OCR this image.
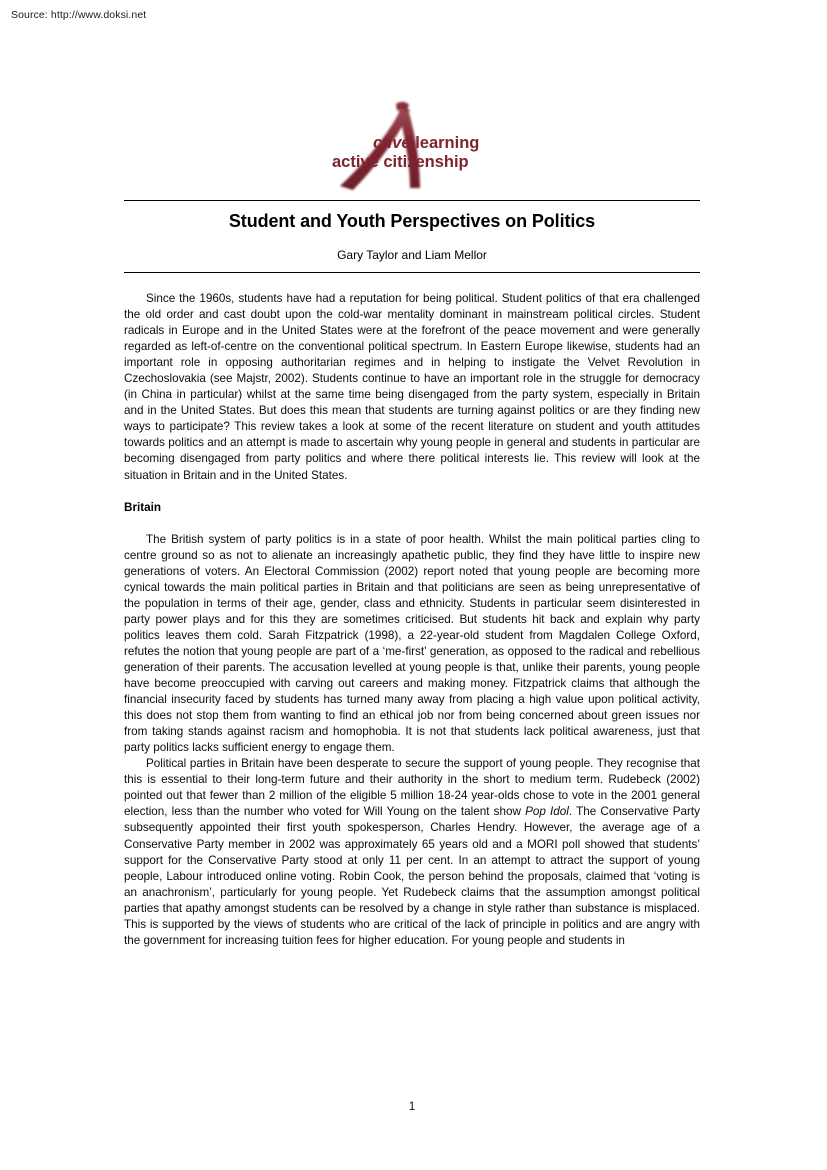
Source: http://www.doksi.net
ctive learning
active citizenship
Student and Youth Perspectives on Politics
Gary Taylor and Liam Mellor

Since the 1960s, students have had a reputation for being political. Student politics of that era challenged the old order and cast doubt upon the cold-war mentality dominant in mainstream political circles. Student radicals in Europe and in the United States were at the forefront of the peace movement and were generally regarded as left-of-centre on the conventional political spectrum. In Eastern Europe likewise, students had an important role in opposing authoritarian regimes and in helping to instigate the Velvet Revolution in Czechoslovakia (see Majstr, 2002). Students continue to have an important role in the struggle for democracy (in China in particular) whilst at the same time being disengaged from the party system, especially in Britain and in the United States. But does this mean that students are turning against politics or are they finding new ways to participate? This review takes a look at some of the recent literature on student and youth attitudes towards politics and an attempt is made to ascertain why young people in general and students in particular are becoming disengaged from party politics and where there political interests lie. This review will look at the situation in Britain and in the United States.

Britain

The British system of party politics is in a state of poor health. Whilst the main political parties cling to centre ground so as not to alienate an increasingly apathetic public, they find they have little to inspire new generations of voters. An Electoral Commission (2002) report noted that young people are becoming more cynical towards the main political parties in Britain and that politicians are seen as being unrepresentative of the population in terms of their age, gender, class and ethnicity. Students in particular seem disinterested in party power plays and for this they are sometimes criticised. But students hit back and explain why party politics leaves them cold. Sarah Fitzpatrick (1998), a 22-year-old student from Magdalen College Oxford, refutes the notion that young people are part of a ‘me-first’ generation, as opposed to the radical and rebellious generation of their parents. The accusation levelled at young people is that, unlike their parents, young people have become preoccupied with carving out careers and making money. Fitzpatrick claims that although the financial insecurity faced by students has turned many away from placing a high value upon political activity, this does not stop them from wanting to find an ethical job nor from being concerned about green issues nor from taking stands against racism and homophobia. It is not that students lack political awareness, just that party politics lacks sufficient energy to engage them.

Political parties in Britain have been desperate to secure the support of young people. They recognise that this is essential to their long-term future and their authority in the short to medium term. Rudebeck (2002) pointed out that fewer than 2 million of the eligible 5 million 18-24 year-olds chose to vote in the 2001 general election, less than the number who voted for Will Young on the talent show Pop Idol. The Conservative Party subsequently appointed their first youth spokesperson, Charles Hendry. However, the average age of a Conservative Party member in 2002 was approximately 65 years old and a MORI poll showed that students’ support for the Conservative Party stood at only 11 per cent. In an attempt to attract the support of young people, Labour introduced online voting. Robin Cook, the person behind the proposals, claimed that ‘voting is an anachronism’, particularly for young people. Yet Rudebeck claims that the assumption amongst political parties that apathy amongst students can be resolved by a change in style rather than substance is misplaced. This is supported by the views of students who are critical of the lack of principle in politics and are angry with the government for increasing tuition fees for higher education. For young people and students in

1
